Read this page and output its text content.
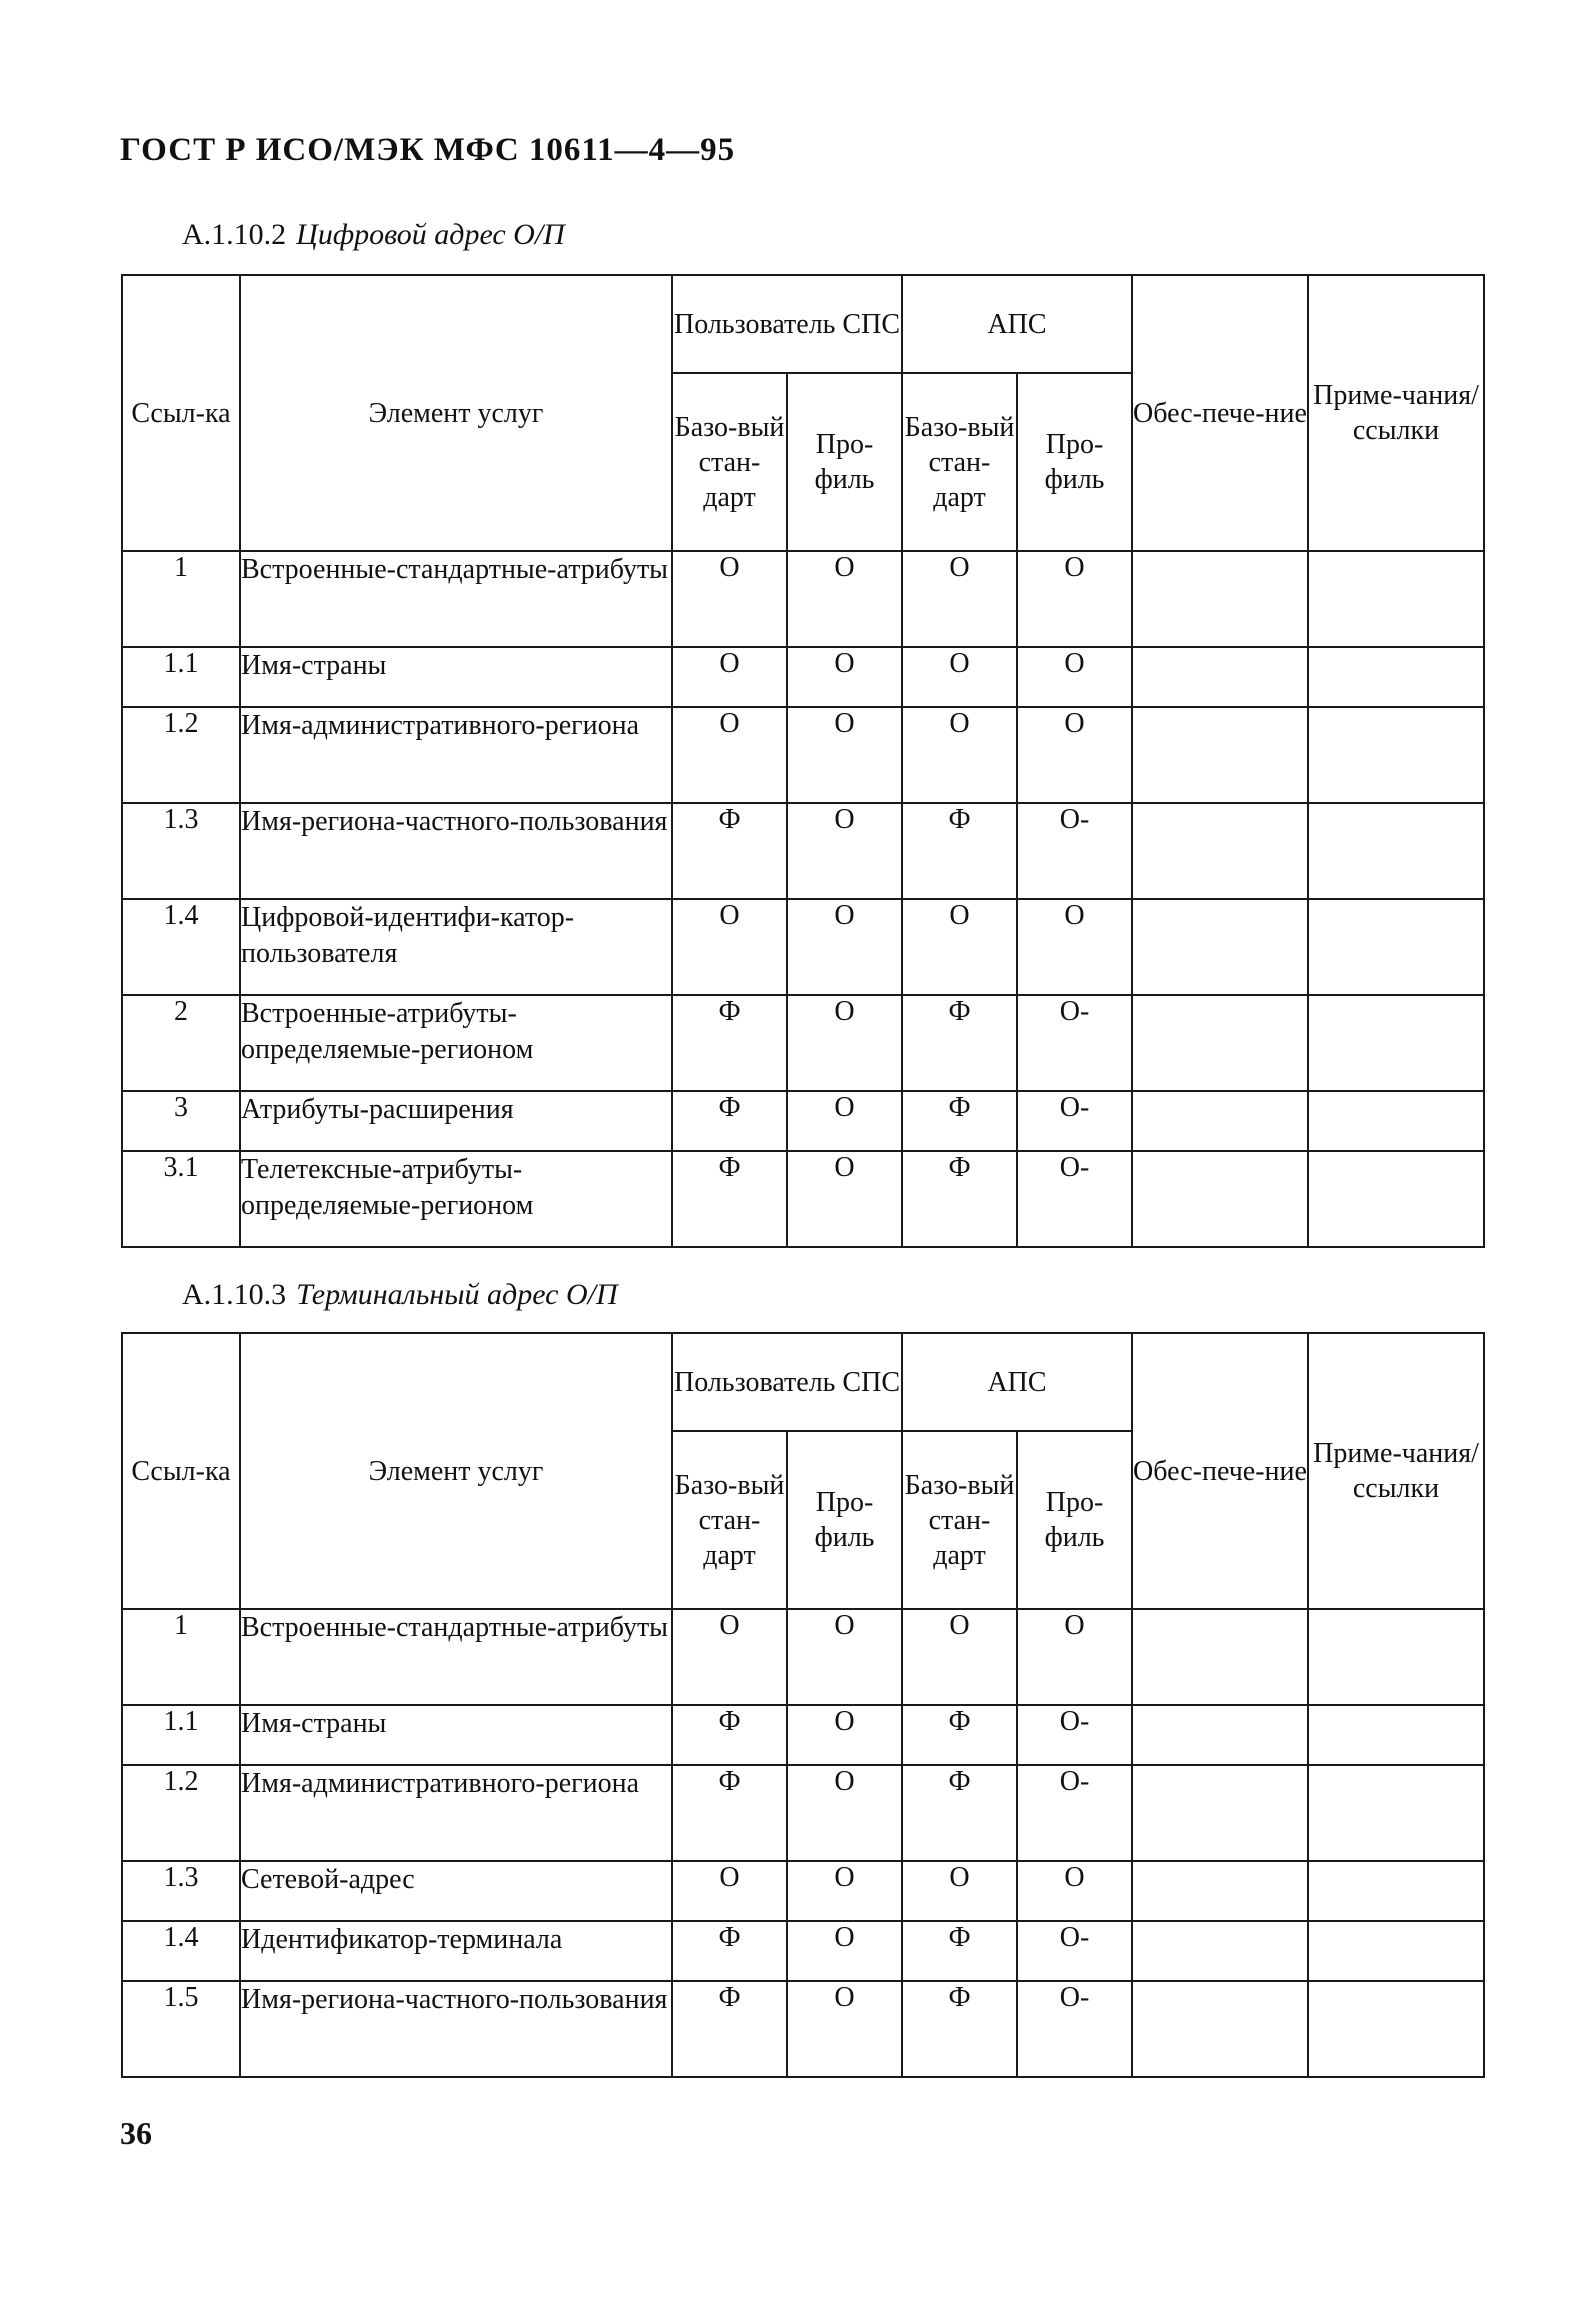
ГОСТ Р ИСО/МЭК МФС 10611—4—95
А.1.10.2 Цифровой адрес О/П
Ссыл-ка	Элемент услуг	Пользователь СПС		АПС		Обес-пече-ние	Приме-чания/ ссылки
		Базо-вый стан-дарт	Про-филь	Базо-вый стан-дарт	Про-филь		
1	Встроенные-стандартные-атрибуты	О	О	О	О		
1.1	Имя-страны	О	О	О	О		
1.2	Имя-административного-региона	О	О	О	О		
1.3	Имя-региона-частного-пользования	Ф	О	Ф	О-		
1.4	Цифровой-идентифи-катор-пользователя	О	О	О	О		
2	Встроенные-атрибуты-определяемые-регионом	Ф	О	Ф	О-		
3	Атрибуты-расширения	Ф	О	Ф	О-		
3.1	Телетексные-атрибуты-определяемые-регионом	Ф	О	Ф	О-		
А.1.10.3 Терминальный адрес О/П
Ссыл-ка	Элемент услуг	Пользователь СПС		АПС		Обес-пече-ние	Приме-чания/ ссылки
		Базо-вый стан-дарт	Про-филь	Базо-вый стан-дарт	Про-филь		
1	Встроенные-стандартные-атрибуты	О	О	О	О		
1.1	Имя-страны	Ф	О	Ф	О-		
1.2	Имя-административного-региона	Ф	О	Ф	О-		
1.3	Сетевой-адрес	О	О	О	О		
1.4	Идентификатор-терминала	Ф	О	Ф	О-		
1.5	Имя-региона-частного-пользования	Ф	О	Ф	О-		
36
